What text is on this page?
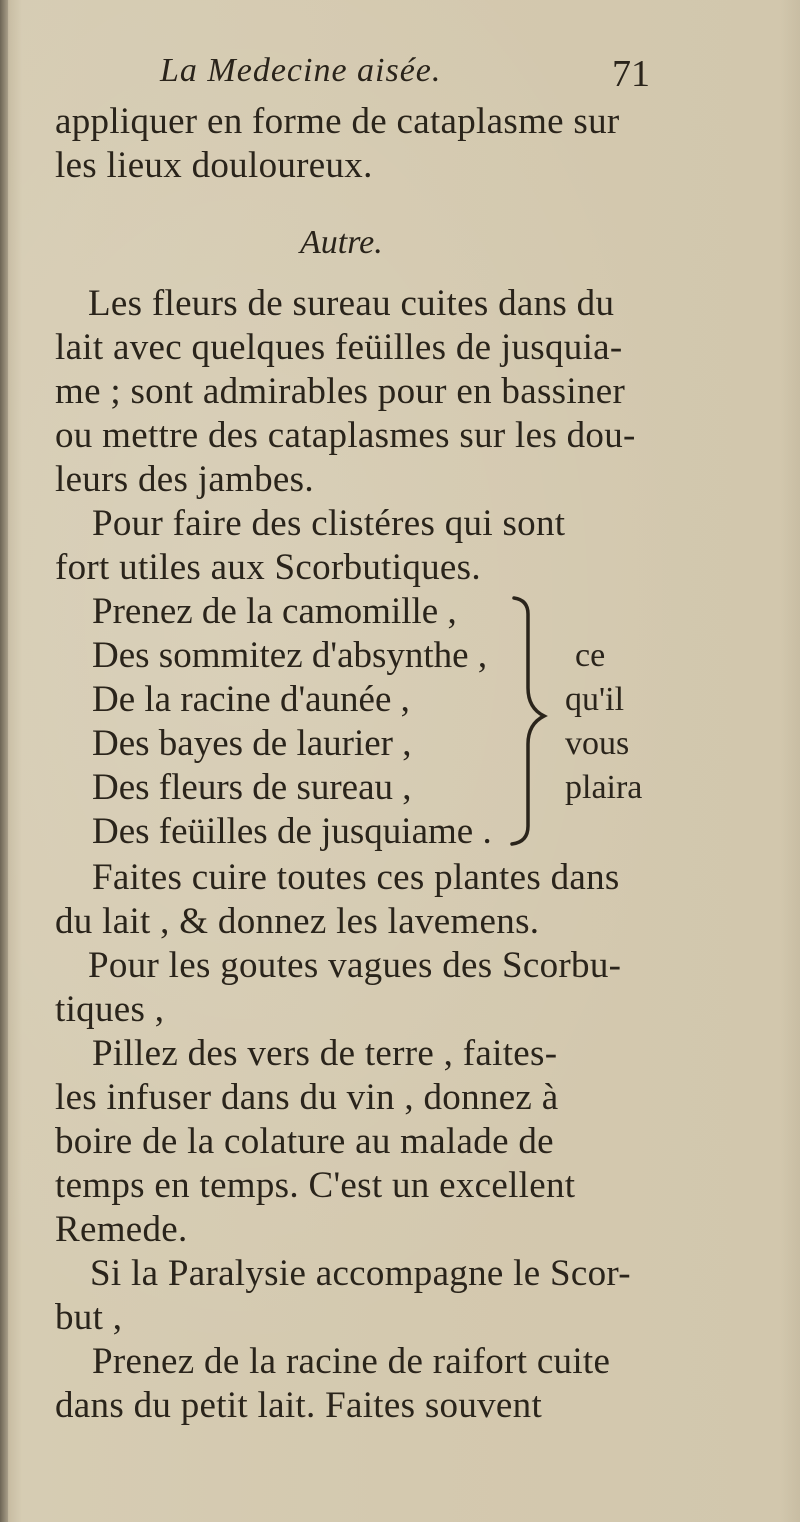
La Medecine aisée.	71

appliquer en forme de cataplasme sur

les lieux douloureux.

Autre.

Les fleurs de sureau cuites dans du

lait avec quelques feüilles de jusquia-

me ; sont admirables pour en bassiner

ou mettre des cataplasmes sur les dou-

leurs des jambes.

Pour faire des clistéres qui sont

fort utiles aux Scorbutiques.

Prenez de la camomille ,
Des sommitez d'absynthe ,
De la racine d'aunée ,
Des bayes de laurier ,
Des fleurs de sureau ,
Des feüilles de jusquiame .
ce
qu'il
vous
plaira

Faites cuire toutes ces plantes dans

du lait , & donnez les lavemens.

Pour les goutes vagues des Scorbu-

tiques ,

Pillez des vers de terre , faites-

les infuser dans du vin , donnez à

boire de la colature au malade de

temps en temps. C'est un excellent

Remede.

Si la Paralysie accompagne le Scor-

but ,

Prenez de la racine de raifort cuite

dans du petit lait. Faites souvent
